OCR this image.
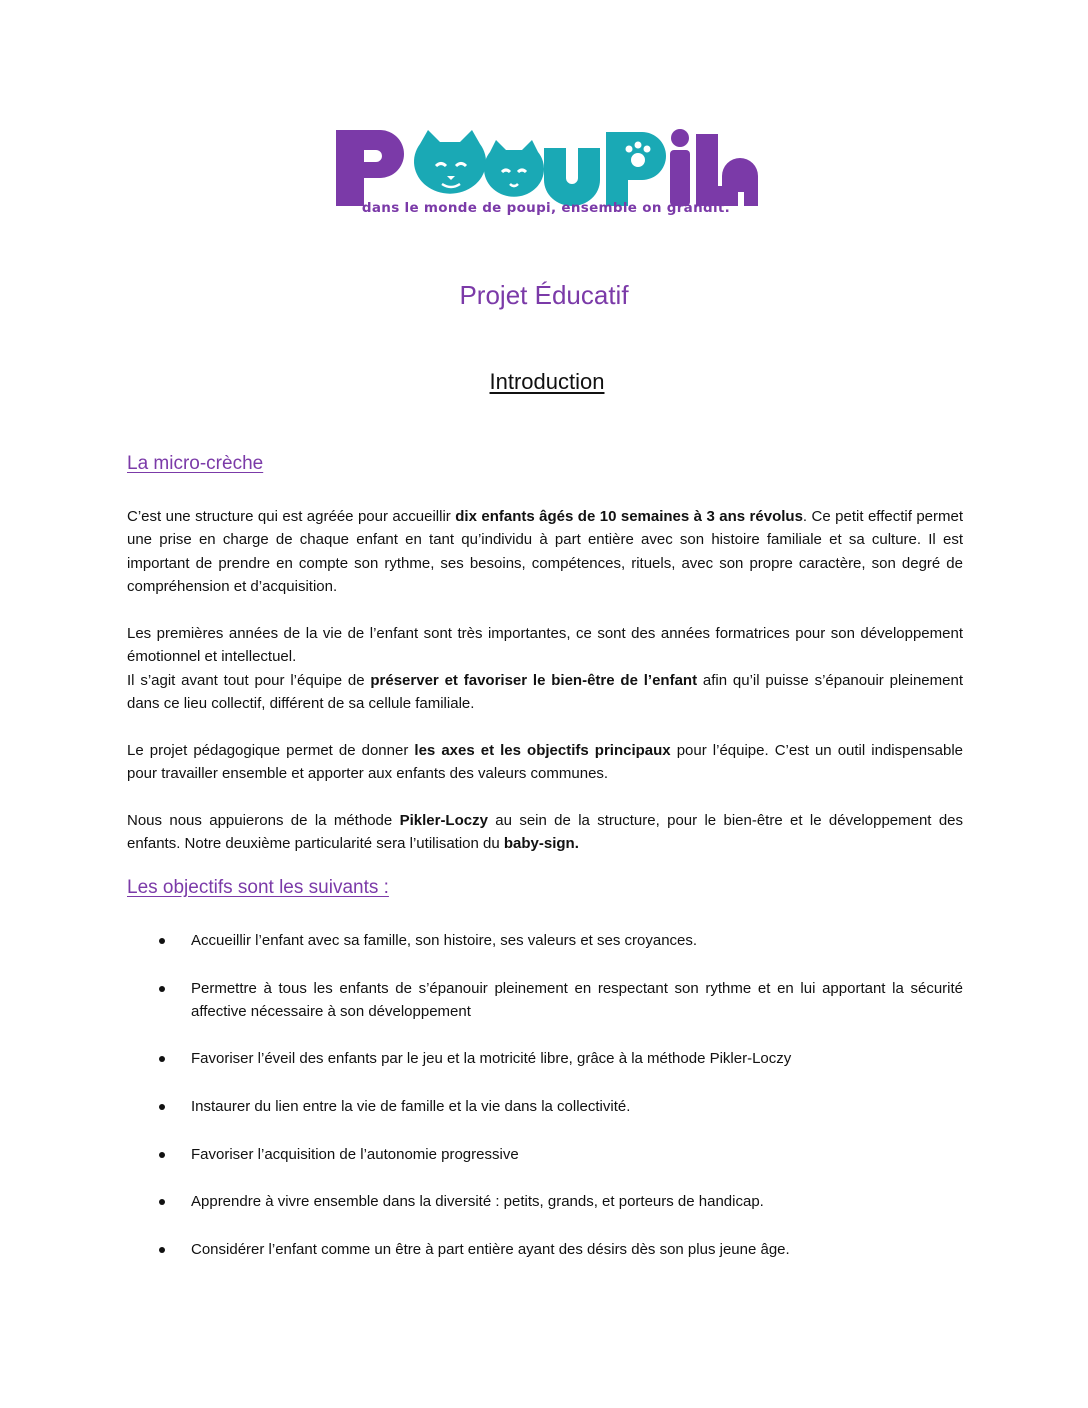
dans le monde de poupi, ensemble on grandit.
Projet Éducatif
Introduction
La micro-crèche

C’est une structure qui est agréée pour accueillir dix enfants âgés de 10 semaines à 3 ans révolus. Ce petit effectif permet une prise en charge de chaque enfant en tant qu’individu à part entière avec son histoire familiale et sa culture. Il est important de prendre en compte son rythme, ses besoins, compétences, rituels, avec son propre caractère, son degré de compréhension et d’acquisition.

Les premières années de la vie de l’enfant sont très importantes, ce sont des années formatrices pour son développement émotionnel et intellectuel.

Il s’agit avant tout pour l’équipe de préserver et favoriser le bien-être de l’enfant afin qu’il puisse s’épanouir pleinement dans ce lieu collectif, différent de sa cellule familiale.

Le projet pédagogique permet de donner les axes et les objectifs principaux pour l’équipe. C’est un outil indispensable pour travailler ensemble et apporter aux enfants des valeurs communes.

Nous nous appuierons de la méthode Pikler-Loczy au sein de la structure, pour le bien-être et le développement des enfants. Notre deuxième particularité sera l’utilisation du baby-sign.

Les objectifs sont les suivants :
Accueillir l’enfant avec sa famille, son histoire, ses valeurs et ses croyances.
Permettre à tous les enfants de s’épanouir pleinement en respectant son rythme et en lui apportant la sécurité affective nécessaire à son développement
Favoriser l’éveil des enfants par le jeu et la motricité libre, grâce à la méthode Pikler-Loczy
Instaurer du lien entre la vie de famille et la vie dans la collectivité.
Favoriser l’acquisition de l’autonomie progressive
Apprendre à vivre ensemble dans la diversité : petits, grands, et porteurs de handicap.
Considérer l’enfant comme un être à part entière ayant des désirs dès son plus jeune âge.
